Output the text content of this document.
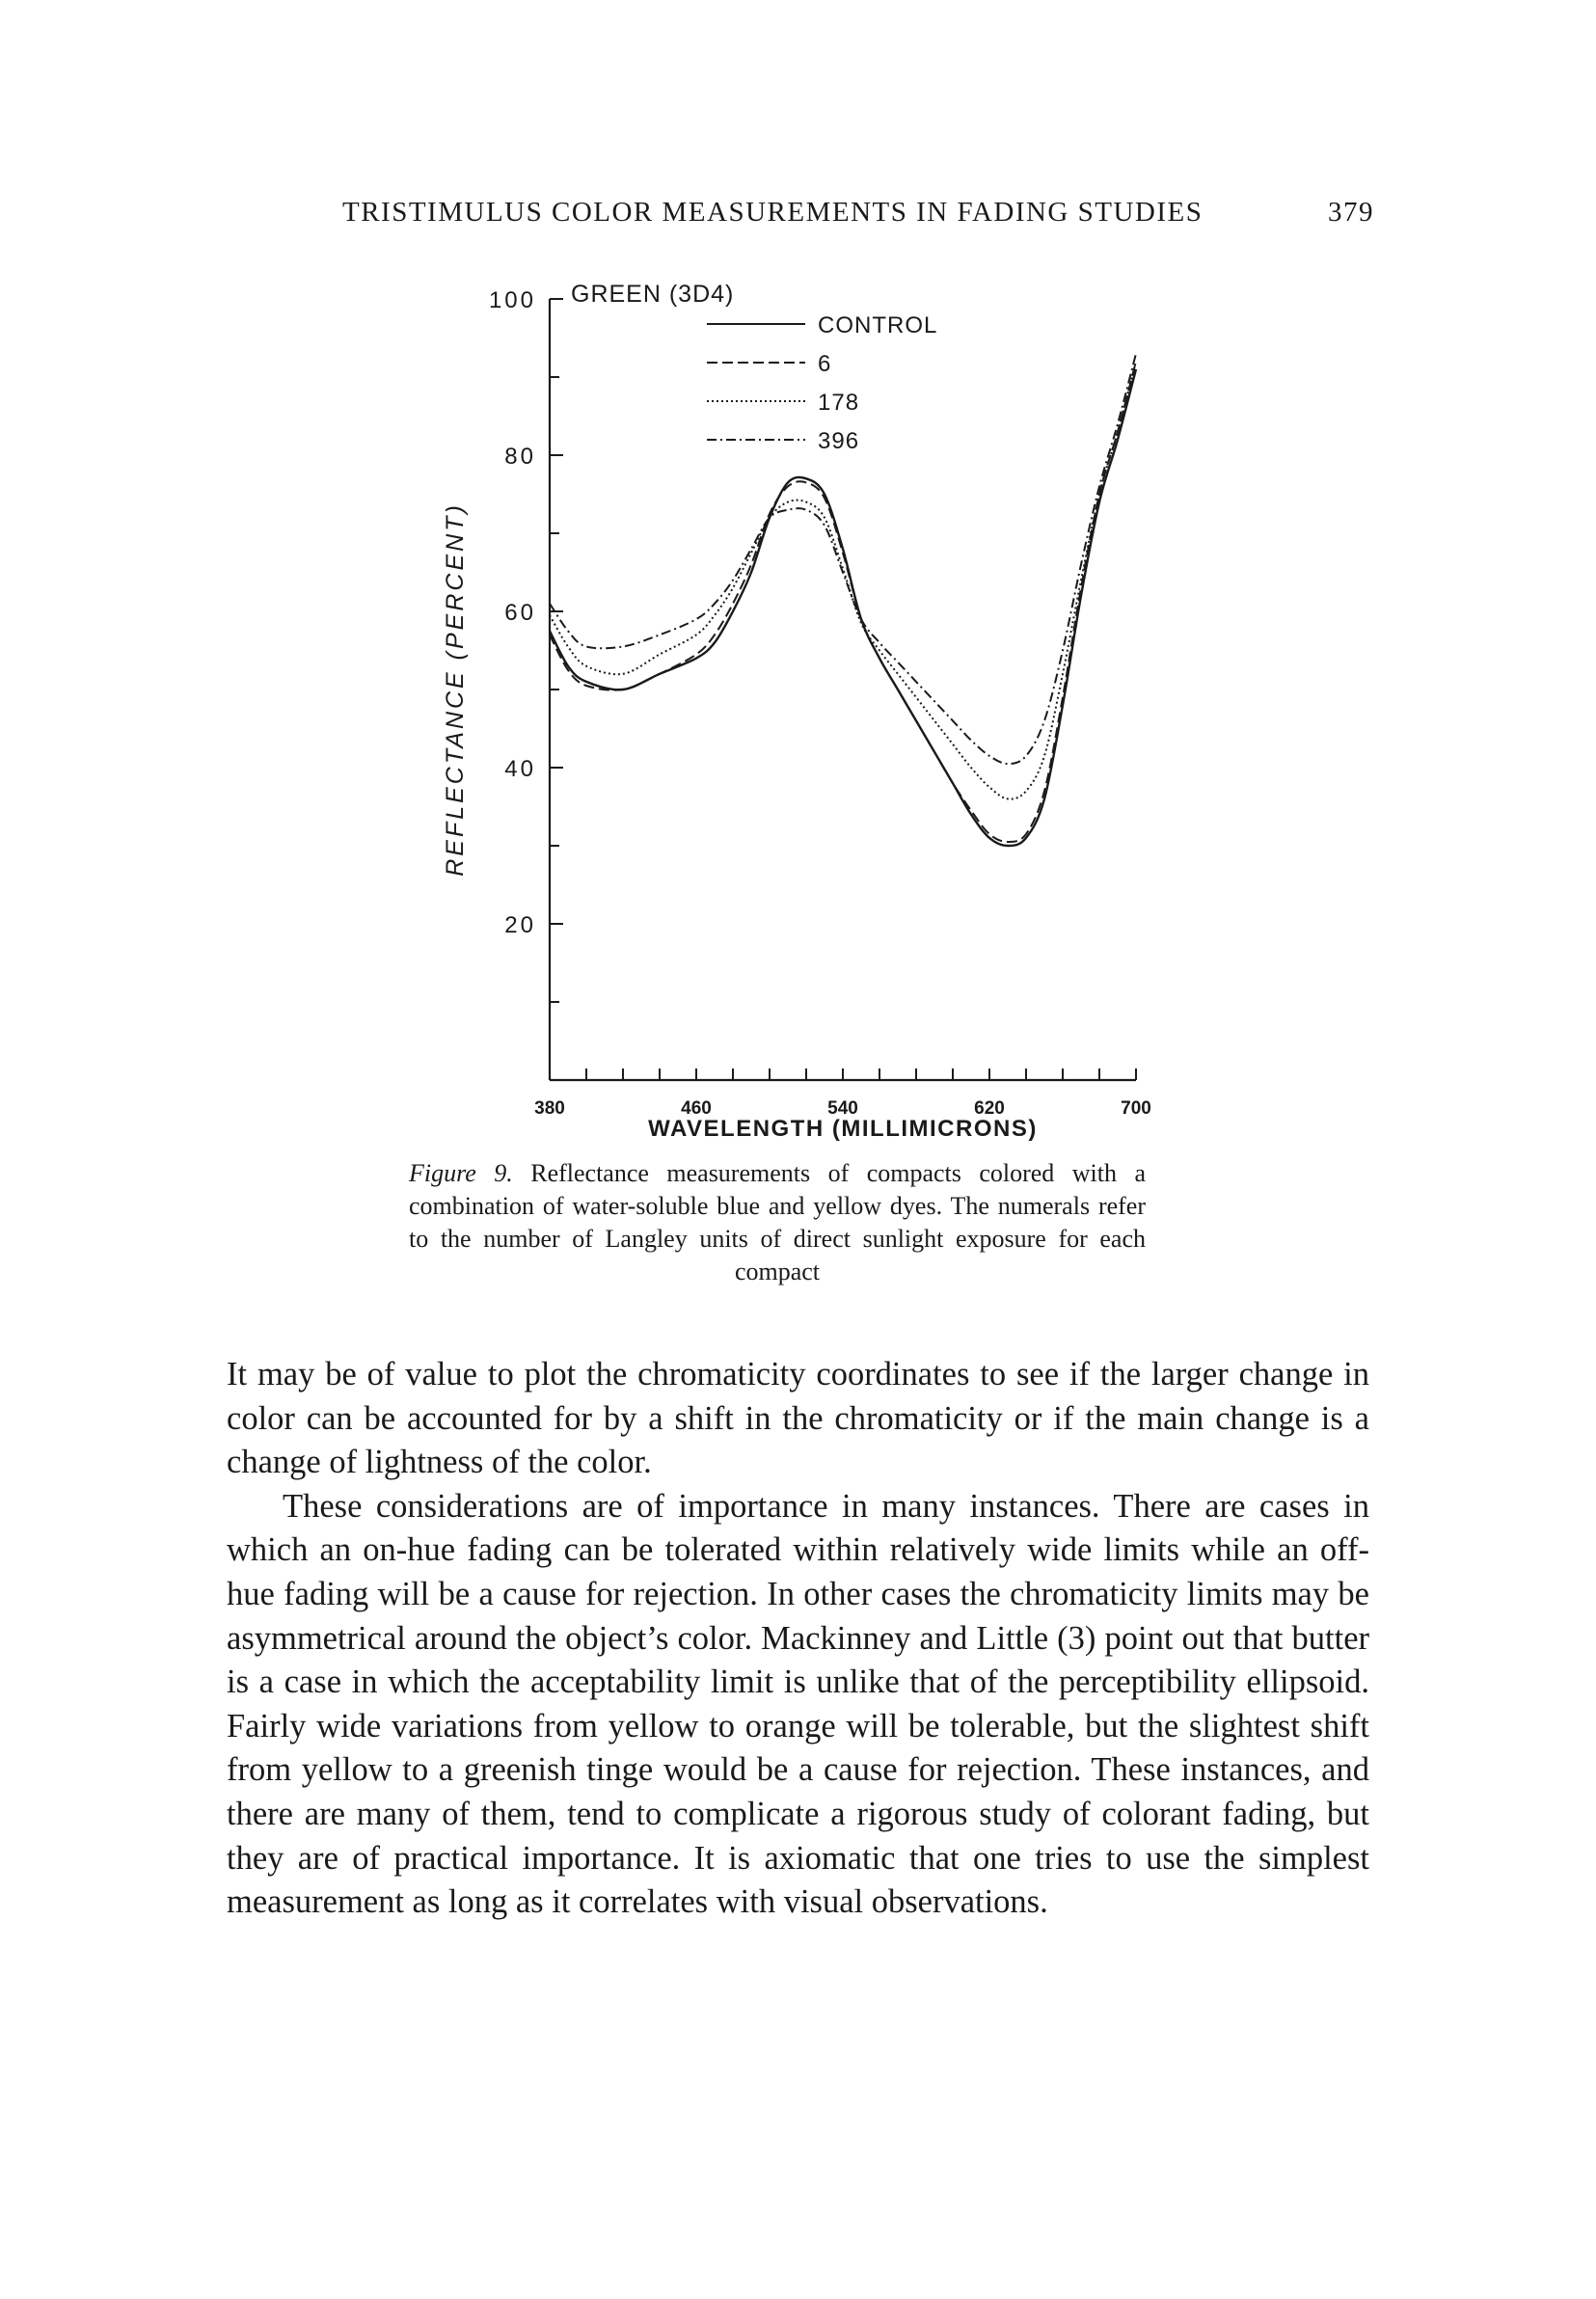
TRISTIMULUS COLOR MEASUREMENTS IN FADING STUDIES	379
20
40
60
80
100
380	460	540	620	700
CONTROL
6
178
396
GREEN (3D4)
WAVELENGTH (MILLIMICRONS)
REFLECTANCE (PERCENT)
Figure 9. Reflectance measurements of compacts colored with a combination of water-soluble blue and yellow dyes. The numerals refer to the number of Langley units of direct sunlight exposure for each compact

It may be of value to plot the chromaticity coordinates to see if the larger change in color can be accounted for by a shift in the chromaticity or if the main change is a change of lightness of the color.

These considerations are of importance in many instances. There are cases in which an on-hue fading can be tolerated within relatively wide limits while an off-hue fading will be a cause for rejection. In other cases the chromaticity limits may be asymmetrical around the object’s color. Mackinney and Little (3) point out that butter is a case in which the acceptability limit is unlike that of the perceptibility ellipsoid. Fairly wide variations from yellow to orange will be tolerable, but the slightest shift from yellow to a greenish tinge would be a cause for rejection. These instances, and there are many of them, tend to complicate a rigorous study of colorant fading, but they are of practical importance. It is axiomatic that one tries to use the simplest measurement as long as it correlates with visual observations.
